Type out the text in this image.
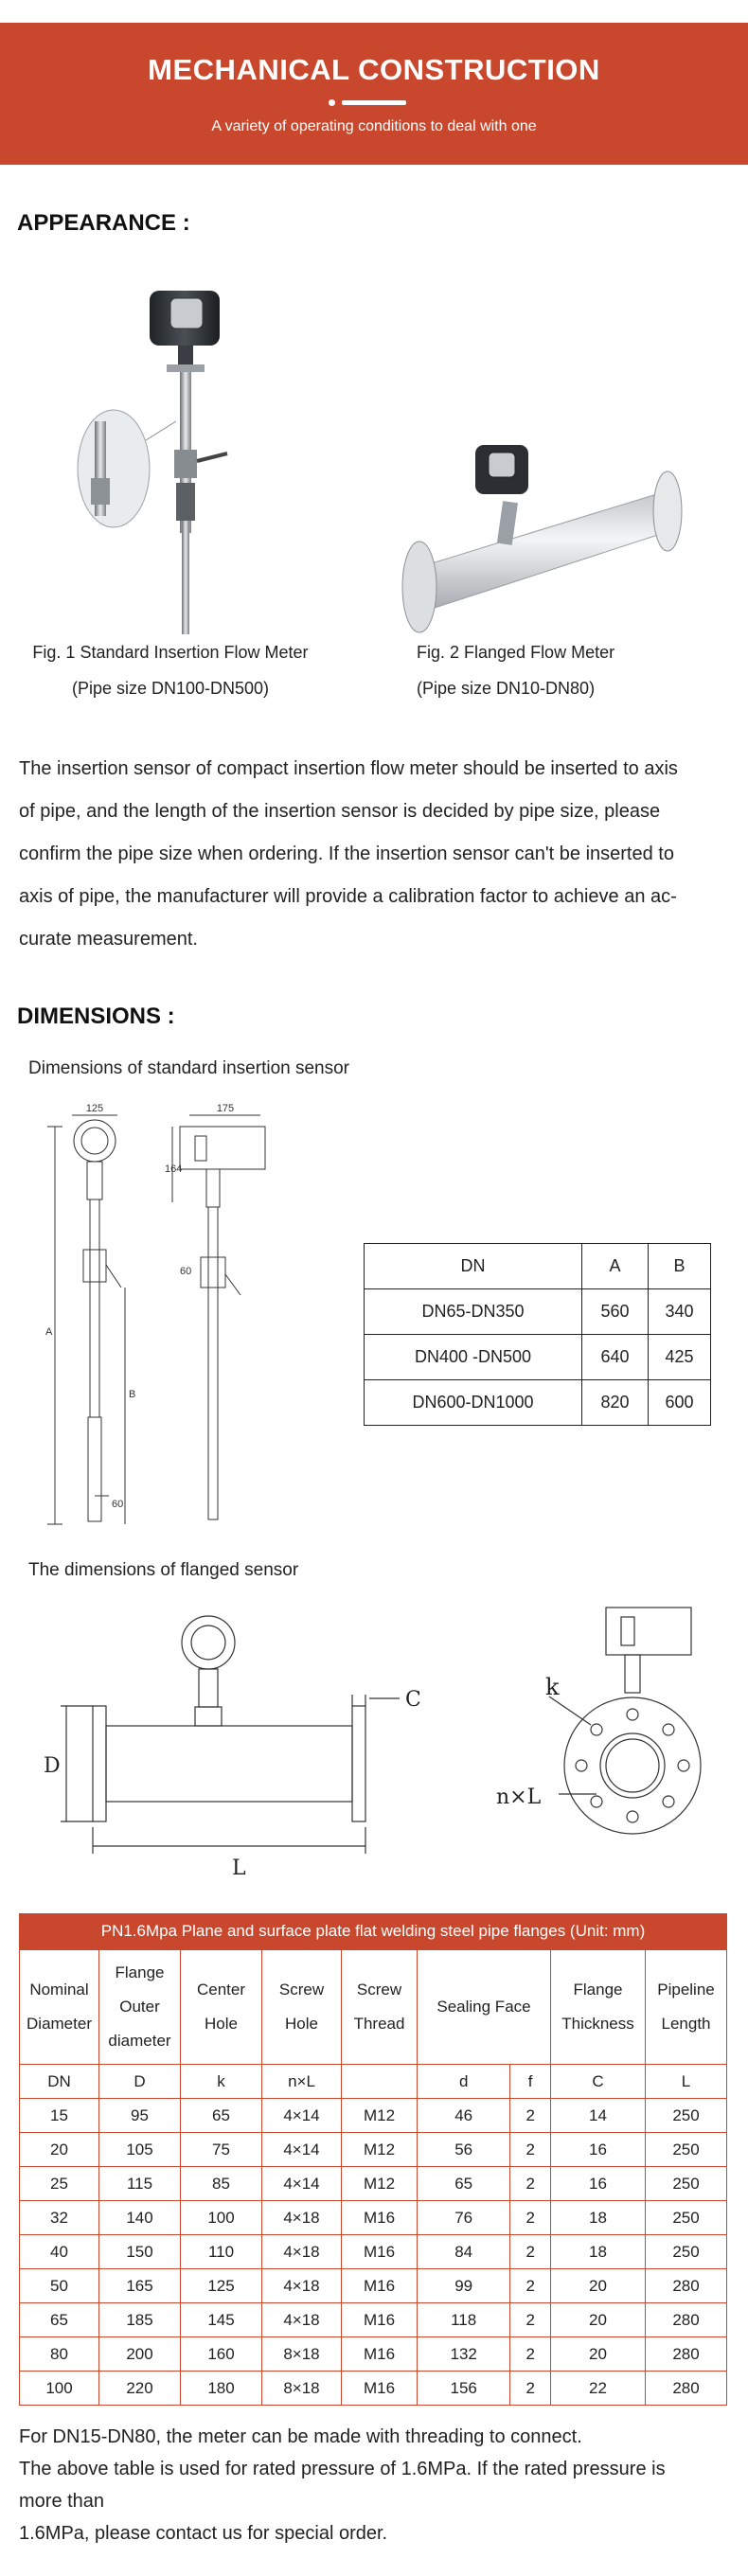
MECHANICAL CONSTRUCTION

A variety of operating conditions to deal with one

APPEARANCE :
Fig. 1 Standard Insertion Flow Meter
(Pipe size DN100-DN500)
Fig. 2 Flanged Flow Meter
(Pipe size DN10-DN80)
The insertion sensor of compact insertion flow meter should be inserted to axis
of pipe, and the length of the insertion sensor is decided by pipe size, please
confirm the pipe size when ordering. If the insertion sensor can't be inserted to
axis of pipe, the manufacturer will provide a calibration factor to achieve an ac-
curate measurement.
DIMENSIONS :
Dimensions of standard insertion sensor
125	175
164
60
A
B
60
DN	A	B
DN65-DN350	560	340
DN400 -DN500	640	425
DN600-DN1000	820	600
The dimensions of flanged sensor
C
D
L
k
n×L
PN1.6Mpa Plane and surface plate flat welding steel pipe flanges (Unit: mm)
Nominal Diameter	Flange Outer diameter	Center Hole	Screw Hole	Screw Thread	Sealing Face		Flange Thickness	Pipeline Length
DN	D	k	n×L		d	f	C	L
15	95	65	4×14	M12	46	2	14	250
20	105	75	4×14	M12	56	2	16	250
25	115	85	4×14	M12	65	2	16	250
32	140	100	4×18	M16	76	2	18	250
40	150	110	4×18	M16	84	2	18	250
50	165	125	4×18	M16	99	2	20	280
65	185	145	4×18	M16	118	2	20	280
80	200	160	8×18	M16	132	2	20	280
100	220	180	8×18	M16	156	2	22	280
For DN15-DN80, the meter can be made with threading to connect.
The above table is used for rated pressure of 1.6MPa. If the rated pressure is
more than
1.6MPa, please contact us for special order.
